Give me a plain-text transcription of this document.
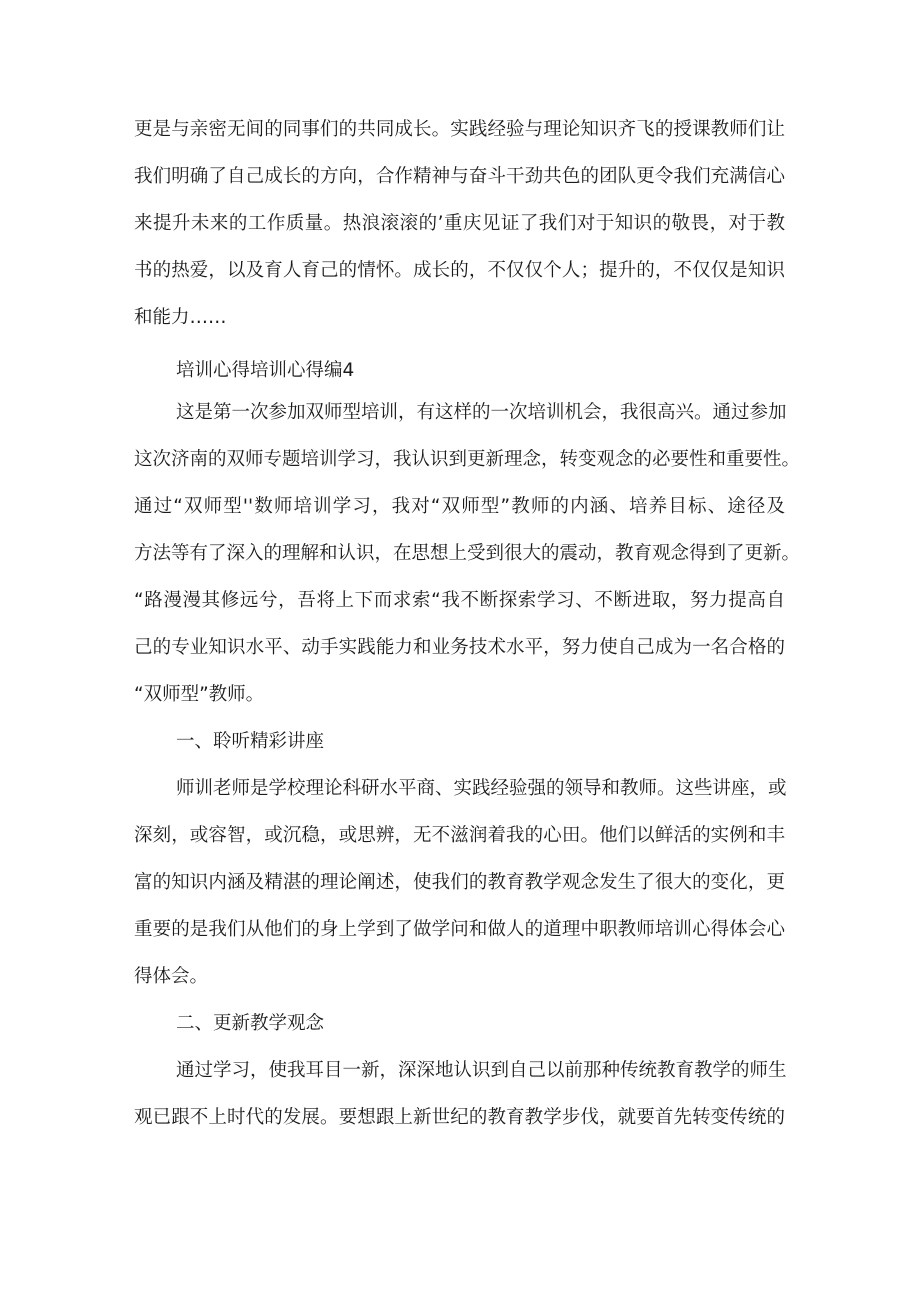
更是与亲密无间的同事们的共同成长。实践经验与理论知识齐飞的授课教师们让
我们明确了自己成长的方向，合作精神与奋斗干劲共色的团队更令我们充满信心
来提升未来的工作质量。热浪滚滚的’重庆见证了我们对于知识的敬畏，对于教
书的热爱，以及育人育己的情怀。成长的，不仅仅个人；提升的，不仅仅是知识
和能力……
培训心得培训心得编4
这是第一次参加双师型培训，有这样的一次培训机会，我很高兴。通过参加
这次济南的双师专题培训学习，我认识到更新理念，转变观念的必要性和重要性。
通过“双师型''数师培训学习，我对“双师型”教师的内涵、培养目标、途径及
方法等有了深入的理解和认识，在思想上受到很大的震动，教育观念得到了更新。
“路漫漫其修远兮，吾将上下而求索“我不断探索学习、不断进取，努力提高自
己的专业知识水平、动手实践能力和业务技术水平，努力使自己成为一名合格的
“双师型”教师。
一、聆听精彩讲座
师训老师是学校理论科研水平商、实践经验强的领导和教师。这些讲座，或
深刻，或容智，或沉稳，或思辨，无不滋润着我的心田。他们以鲜活的实例和丰
富的知识内涵及精湛的理论阐述，使我们的教育教学观念发生了很大的变化，更
重要的是我们从他们的身上学到了做学问和做人的道理中职教师培训心得体会心
得体会。
二、更新教学观念
通过学习，使我耳目一新，深深地认识到自己以前那种传统教育教学的师生
观已跟不上时代的发展。要想跟上新世纪的教育教学步伐，就要首先转变传统的
